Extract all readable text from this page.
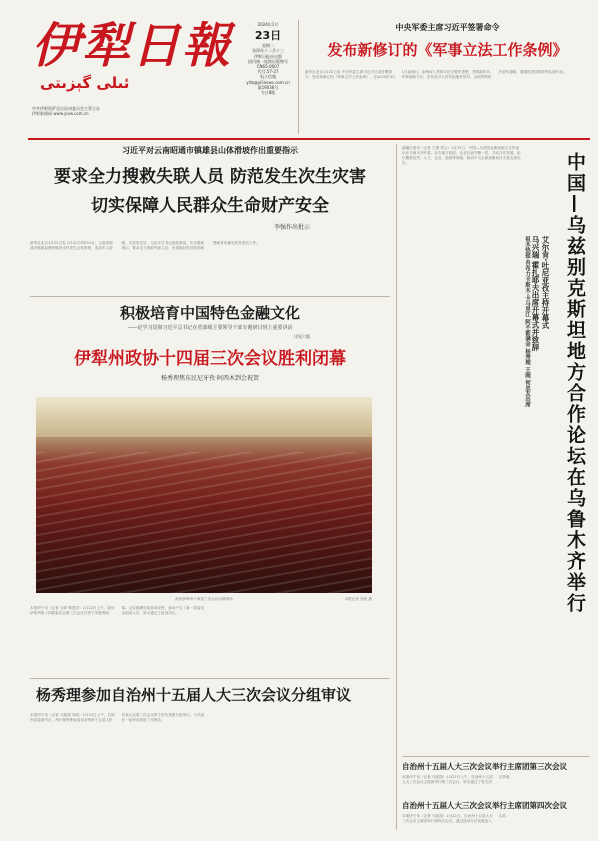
伊犁日報
ئىلى گېزىتى
中共伊犁哈萨克自治州委员会主管主办
伊犁新闻网 www.ylxw.com.cn
2024年1月
23日
星期二
癸卯年十二月十三
伊犁日报社出版
国内统一连续出版物号
CN65-0007
代号:57-27
电子信箱
ylrb@yilinews.com.cn
第19036号
今日8版
中央军委主席习近平签署命令
发布新修订的《军事立法工作条例》
新华社北京1月22日电 中央军委主席习近平日前签署命令，发布新修订的《军事立法工作条例》，自2024年3月1日起施行。条例深入贯彻习近平强军思想，贯彻新时代军事战略方针，坚持党对人民军队绝对领导，全面贯彻依法治军战略，着眼推进国防和军队现代化。
习近平对云南昭通市镇雄县山体滑坡作出重要指示
要求全力搜救失联人员 防范发生次生灾害
切实保障人民群众生命财产安全
李强作出批示
新华社北京1月22日电 1月22日5时51分，云南省昭通市镇雄县塘房镇凉水村发生山体滑坡，造成多人被埋。灾害发生后，习近平总书记高度重视，作出重要指示，要求全力搜救失联人员，妥善做好伤员救治和遇难者家属安抚等善后工作。
积极培育中国特色金融文化
——论学习贯彻习近平总书记在省部级主要领导干部专题研讨班上重要讲话
详见六版
伊犁州政协十四届三次会议胜利闭幕
杨秀理焦东民尼牙孜·阿西木到会祝贺
政协伊犁州十四届三次会议闭幕现场	本报记者 张波 摄
本报伊宁讯（记者 马婷 韩思芳）1月22日上午，政协伊犁州第十四届委员会第三次会议在伊宁市胜利闭幕。会议圆满完成各项议程，选举产生了新一届委员会组成人员，审议通过了政治决议。
杨秀理参加自治州十五届人大三次会议分组审议
本报伊宁讯（记者 马振翔 刘成）1月22日上午，自治州党委副书记、州长杨秀理参加自治州第十五届人民代表大会第三次会议伊宁市代表团分组审议，与代表们一起审议政府工作报告。
新疆日报讯（记者 王勇 刘云）1月22日，中国—乌兹别克斯坦地方合作论坛在乌鲁木齐开幕，双方地方政府、企业代表齐聚一堂，共话合作发展。论坛聚焦经贸、人文、农业、能源等领域，推动中乌全面战略伙伴关系走深走实。	中国—乌兹别克斯坦地方合作论坛在乌鲁木齐举行
艾尔肯·吐尼亚孜主持开幕式
马兴瑞 霍扎耶夫出席开幕式并致辞
祖木热提·吾布力卡斯木·卡马里江 阿不都满金 杨秀理 王刚 何忠友出席
自治州十五届人大三次会议举行主席团第三次会议
本报伊宁讯（记者 马振翔）1月22日上午，自治州十五届人大三次会议主席团举行第三次会议，审议通过了有关决议草案。
自治州十五届人大三次会议举行主席团第四次会议
本报伊宁讯（记者 马振翔）1月22日，自治州十五届人大三次会议主席团举行第四次会议，通过选举办法及候选人名单。
